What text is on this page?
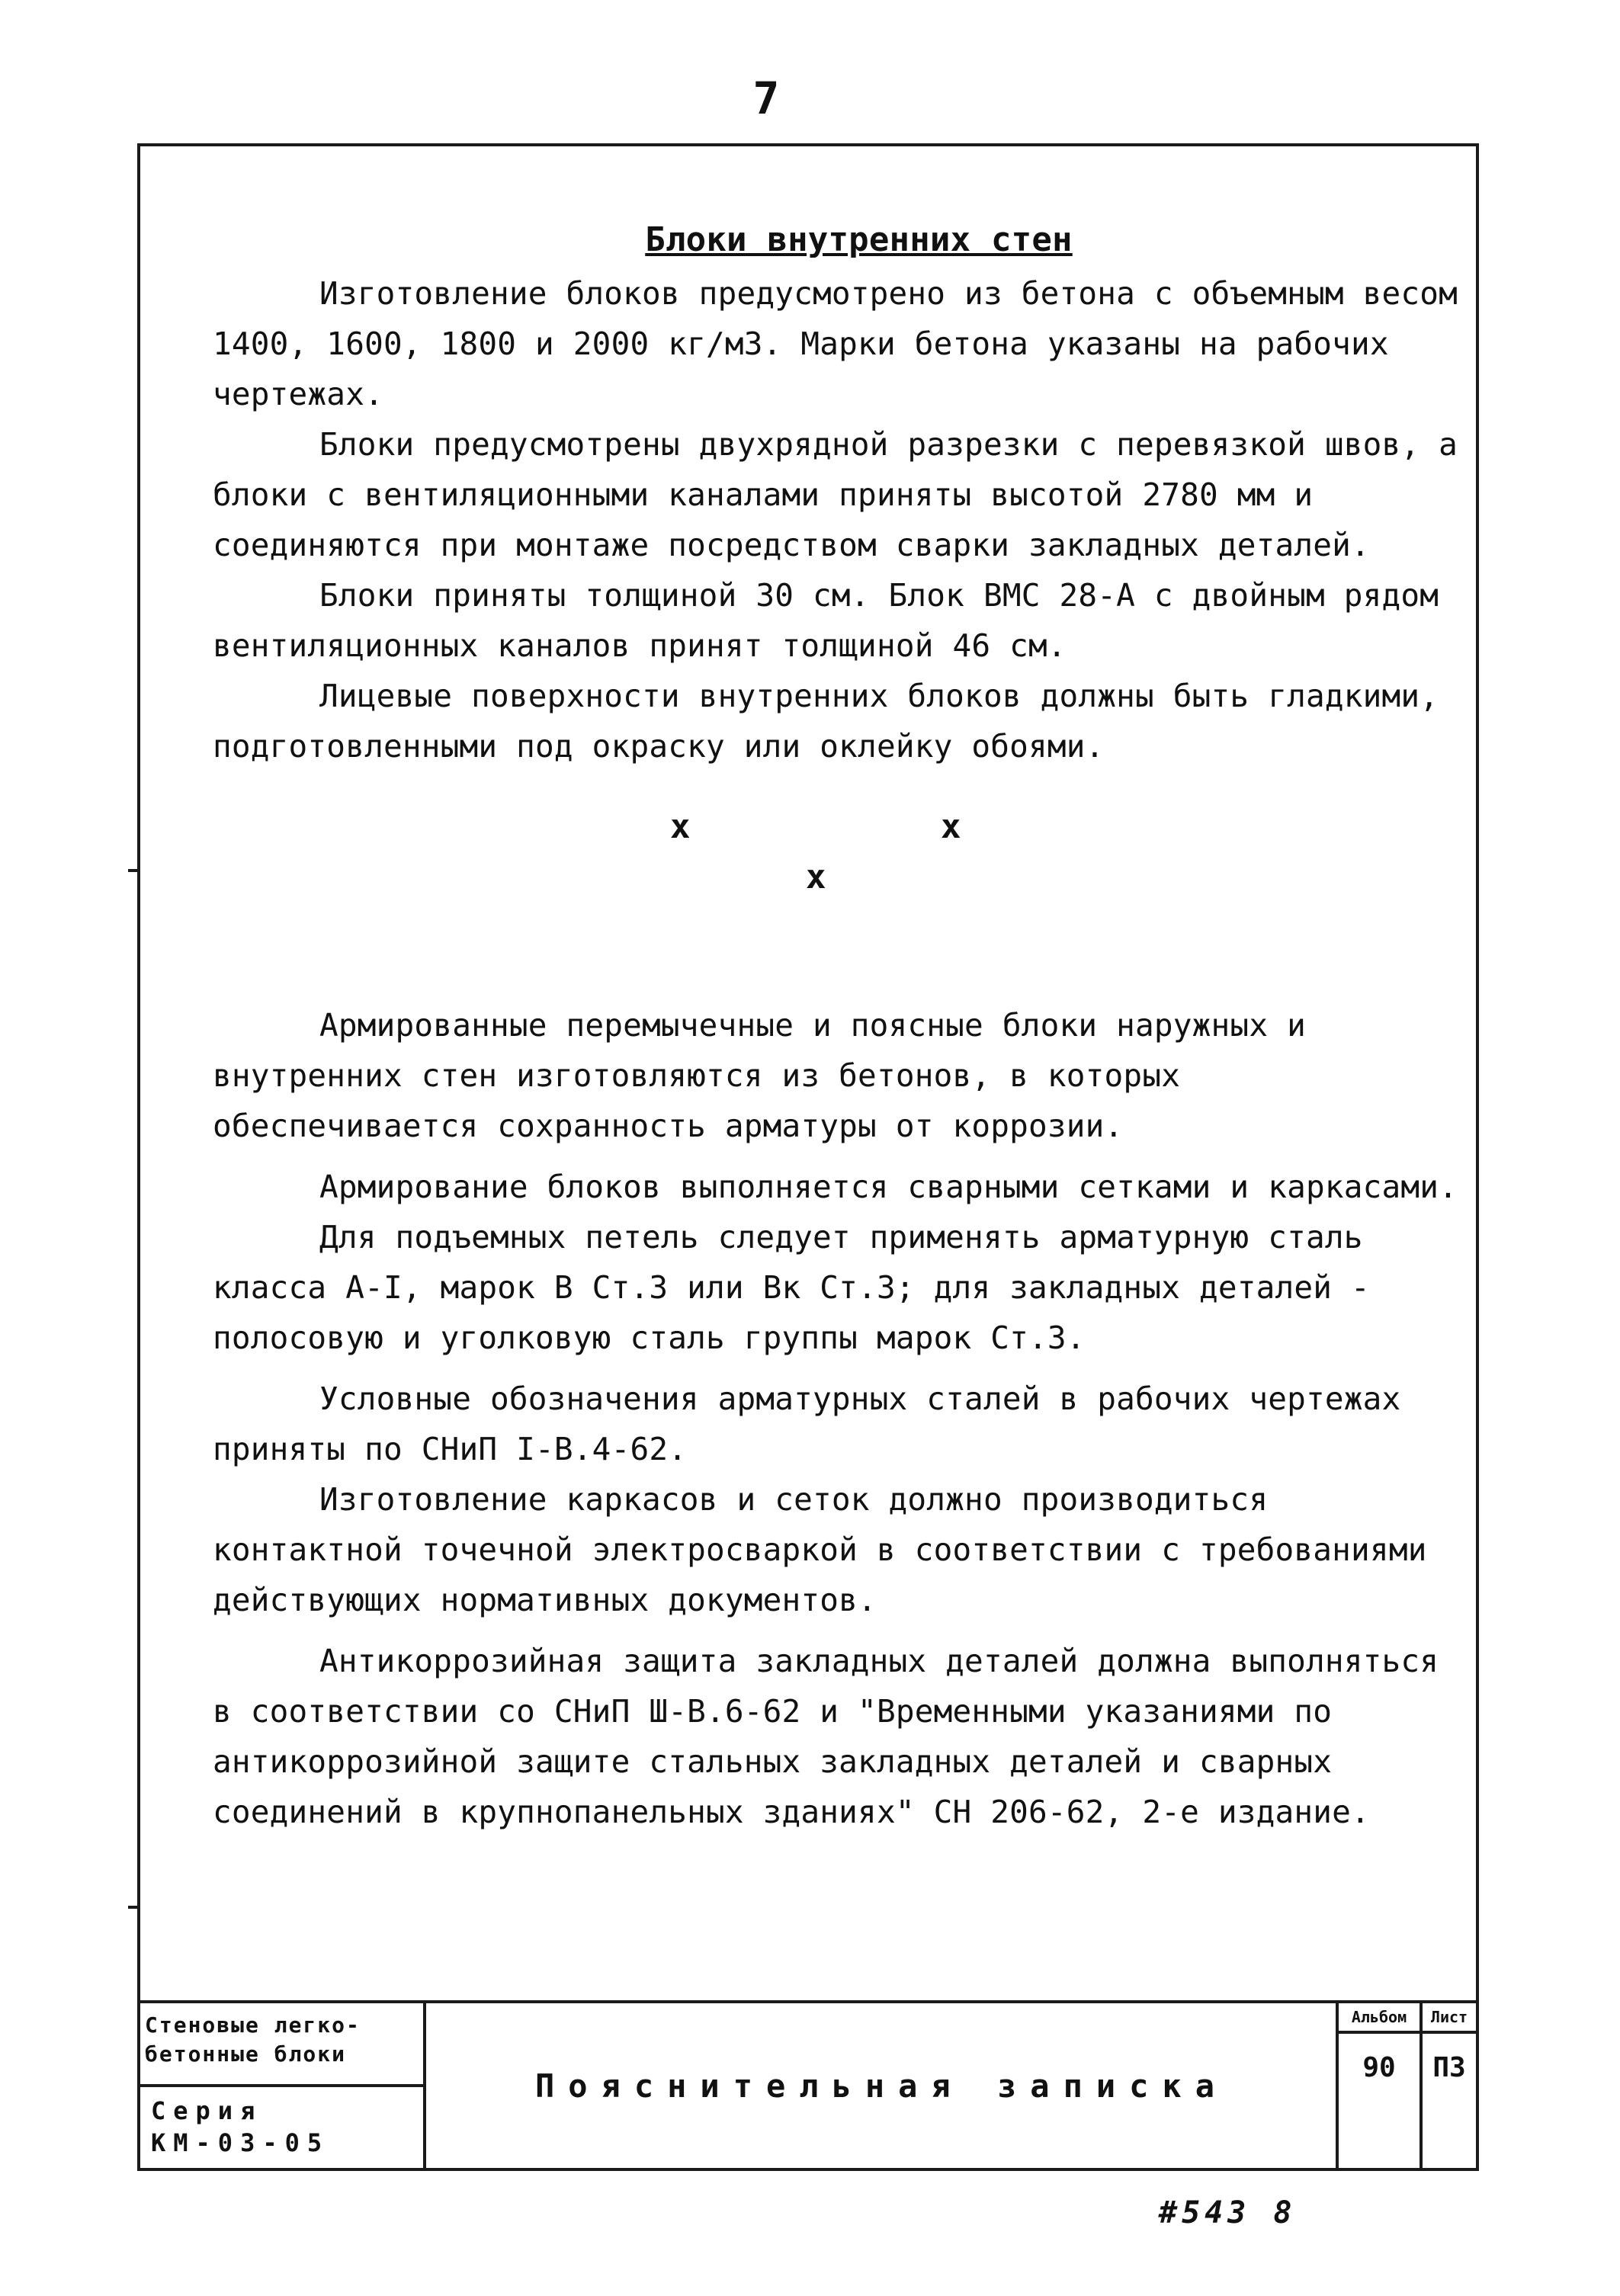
7
Блоки внутренних стен

Изготовление блоков предусмотрено из бетона с объемным весом 1400, 1600, 1800 и 2000 кг/м3. Марки бетона указаны на рабочих чертежах.

Блоки предусмотрены двухрядной разрезки с перевязкой швов, а блоки с вентиляционными каналами приняты высотой 2780 мм и соединяются при монтаже посредством сварки закладных деталей.

Блоки приняты толщиной 30 см. Блок ВМС 28-А с двойным рядом вентиляционных каналов принят толщиной 46 см.

Лицевые поверхности внутренних блоков должны быть гладкими, подготовленными под окраску или оклейку обоями.

x	x
x

Армированные перемычечные и поясные блоки наружных и внутренних стен изготовляются из бетонов, в которых обеспечивается сохранность арматуры от коррозии.

Армирование блоков выполняется сварными сетками и каркасами.

Для подъемных петель следует применять арматурную сталь класса А-I, марок В Ст.3 или Вк Ст.3; для закладных деталей - полосовую и уголковую сталь группы марок Ст.3.

Условные обозначения арматурных сталей в рабочих чертежах приняты по СНиП I-В.4-62.

Изготовление каркасов и сеток должно производиться контактной точечной электросваркой в соответствии с требованиями действующих нормативных документов.

Антикоррозийная защита закладных деталей должна выполняться в соответствии со СНиП Ш-В.6-62 и "Временными указаниями по антикоррозийной защите стальных закладных деталей и сварных соединений в крупнопанельных зданиях" СН 206-62, 2-е издание.

Стеновые легко-
бетонные блоки
Серия
КМ-03-05
Пояснительная записка
Альбом
90
Лист
П3
#543 8
